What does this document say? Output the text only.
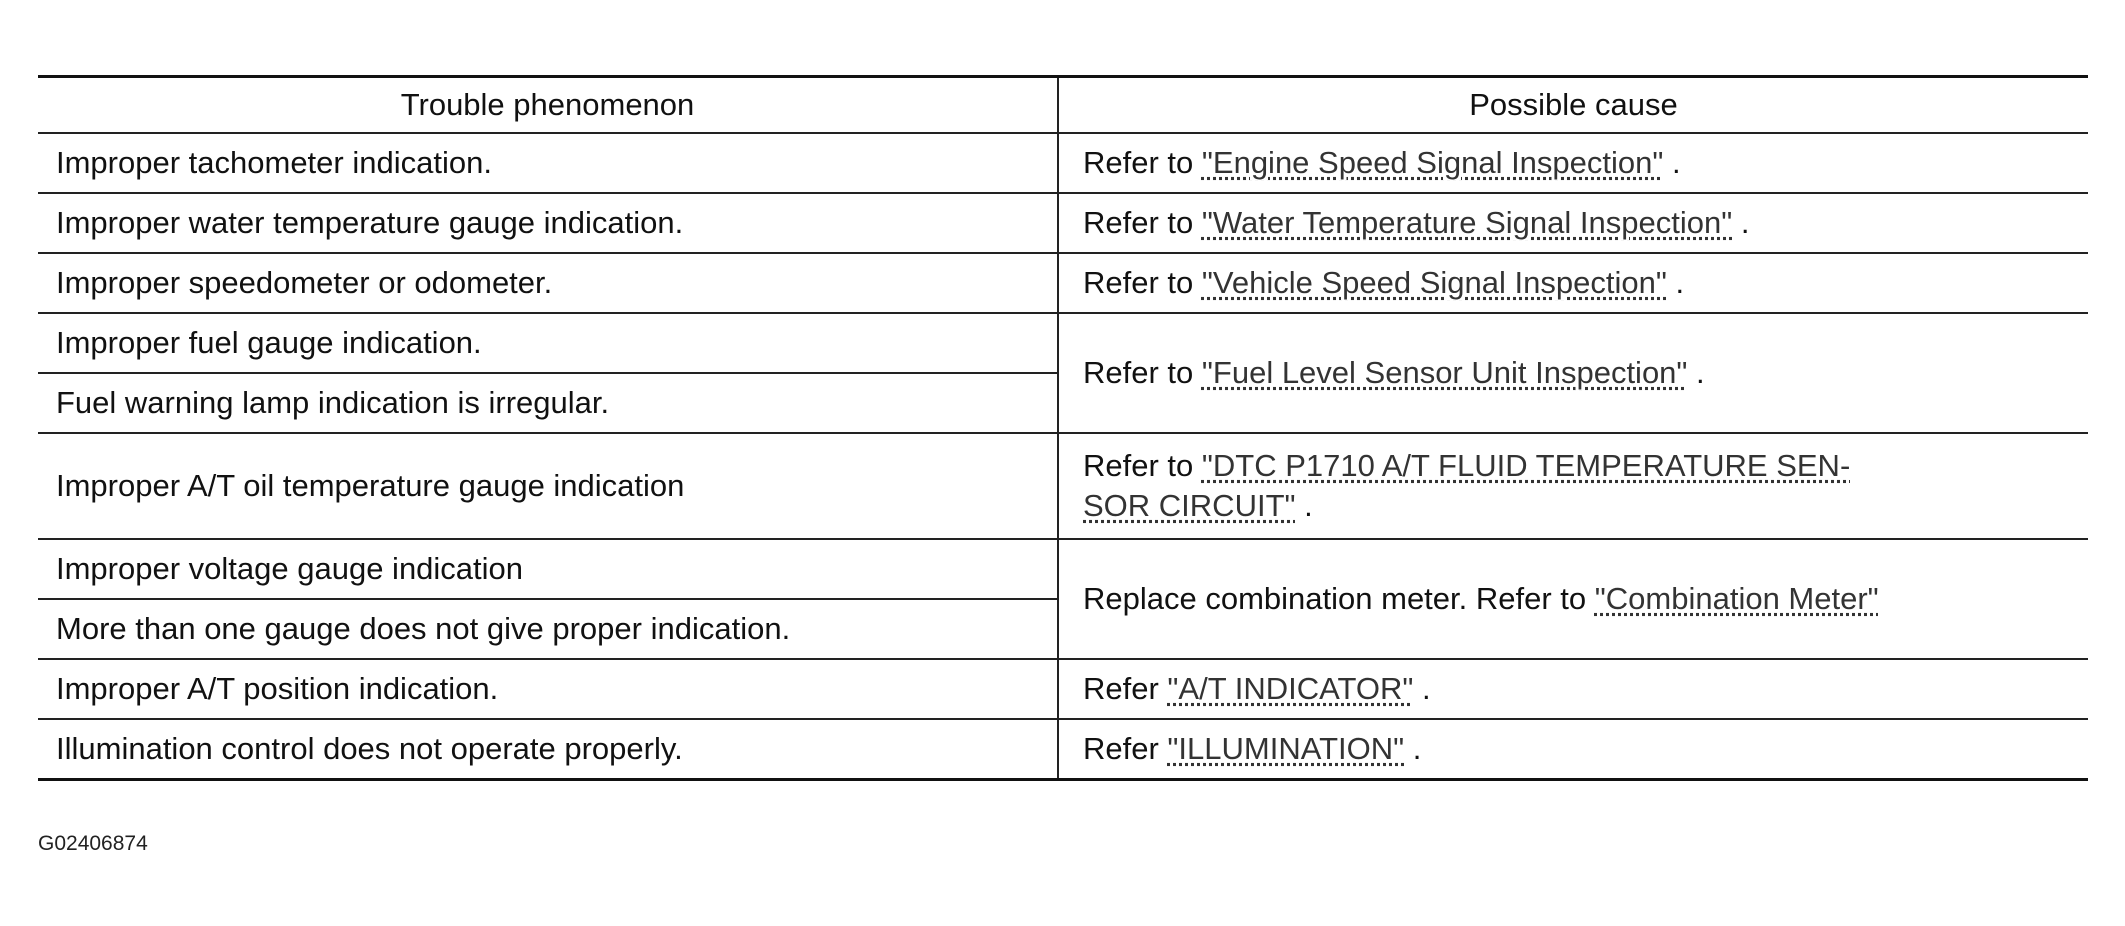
Trouble phenomenon	Possible cause
Improper tachometer indication.	Refer to "Engine Speed Signal Inspection" .
Improper water temperature gauge indication.	Refer to "Water Temperature Signal Inspection" .
Improper speedometer or odometer.	Refer to "Vehicle Speed Signal Inspection" .
Improper fuel gauge indication.	Refer to "Fuel Level Sensor Unit Inspection" .
Fuel warning lamp indication is irregular.	
Improper A/T oil temperature gauge indication	Refer to "DTC P1710 A/T FLUID TEMPERATURE SEN-
SOR CIRCUIT" .
Improper voltage gauge indication	Replace combination meter. Refer to "Combination Meter"
More than one gauge does not give proper indication.	
Improper A/T position indication.	Refer "A/T INDICATOR" .
Illumination control does not operate properly.	Refer "ILLUMINATION" .
G02406874
